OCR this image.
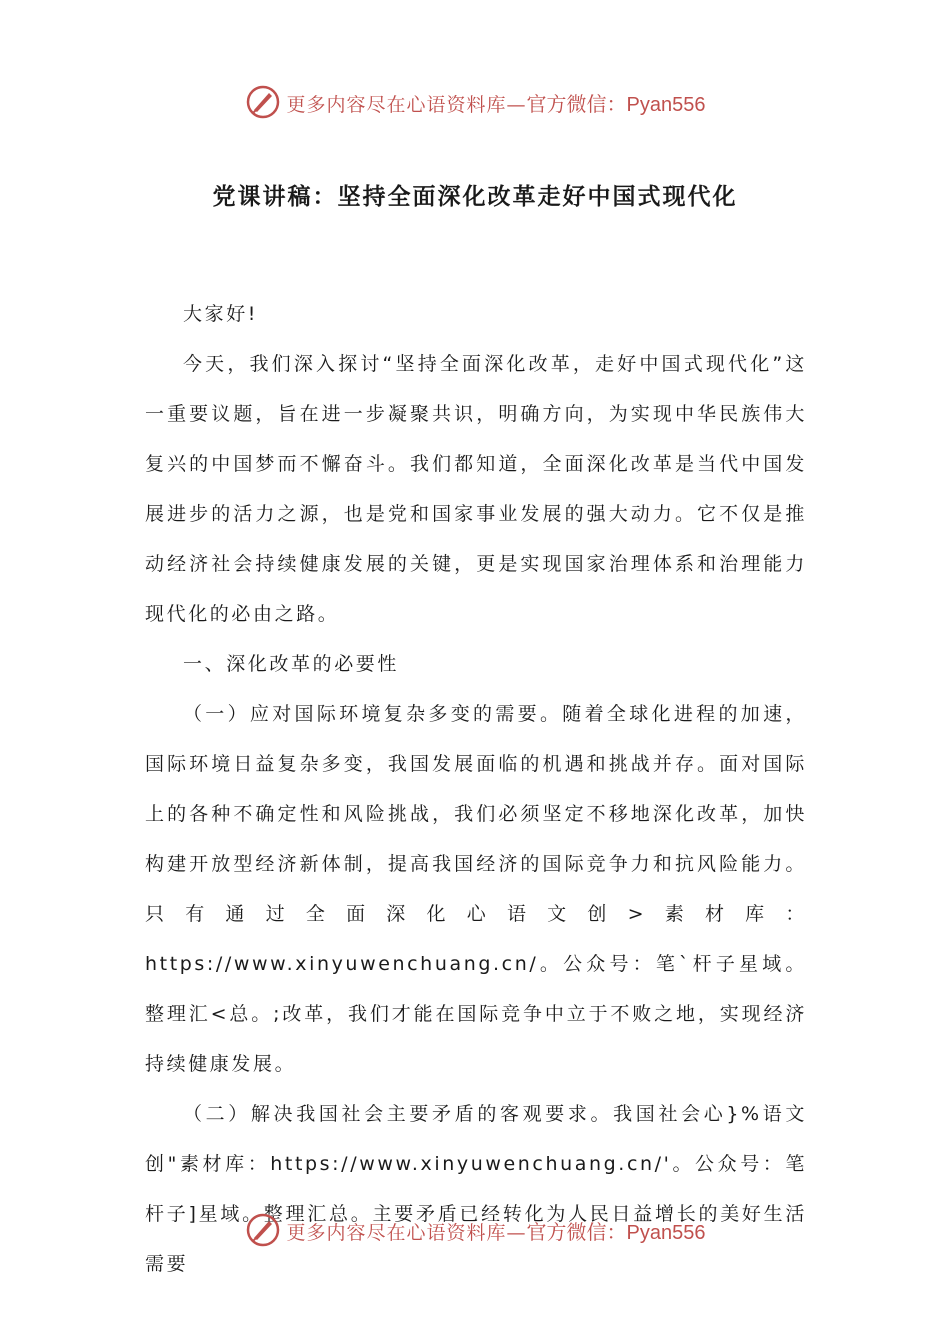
更多内容尽在心语资料库—官方微信：Pyan556
党课讲稿：坚持全面深化改革走好中国式现代化

大家好!

今天，我们深入探讨“坚持全面深化改革，走好中国式现代化”这一重要议题，旨在进一步凝聚共识，明确方向，为实现中华民族伟大复兴的中国梦而不懈奋斗。我们都知道，全面深化改革是当代中国发展进步的活力之源，也是党和国家事业发展的强大动力。它不仅是推动经济社会持续健康发展的关键，更是实现国家治理体系和治理能力现代化的必由之路。

一、深化改革的必要性

（一）应对国际环境复杂多变的需要。随着全球化进程的加速，国际环境日益复杂多变，我国发展面临的机遇和挑战并存。面对国际上的各种不确定性和风险挑战，我们必须坚定不移地深化改革，加快构建开放型经济新体制，提高我国经济的国际竞争力和抗风险能力。只有通过全面深化心语文创>素材库：https://www.xinyuwenchuang.cn/。公众号：笔`杆子星域。整理汇<总。;改革，我们才能在国际竞争中立于不败之地，实现经济持续健康发展。

（二）解决我国社会主要矛盾的客观要求。我国社会心}%语文创"素材库：https://www.xinyuwenchuang.cn/'。公众号：笔杆子]星域。整理汇总。主要矛盾已经转化为人民日益增长的美好生活需要

更多内容尽在心语资料库—官方微信：Pyan556
